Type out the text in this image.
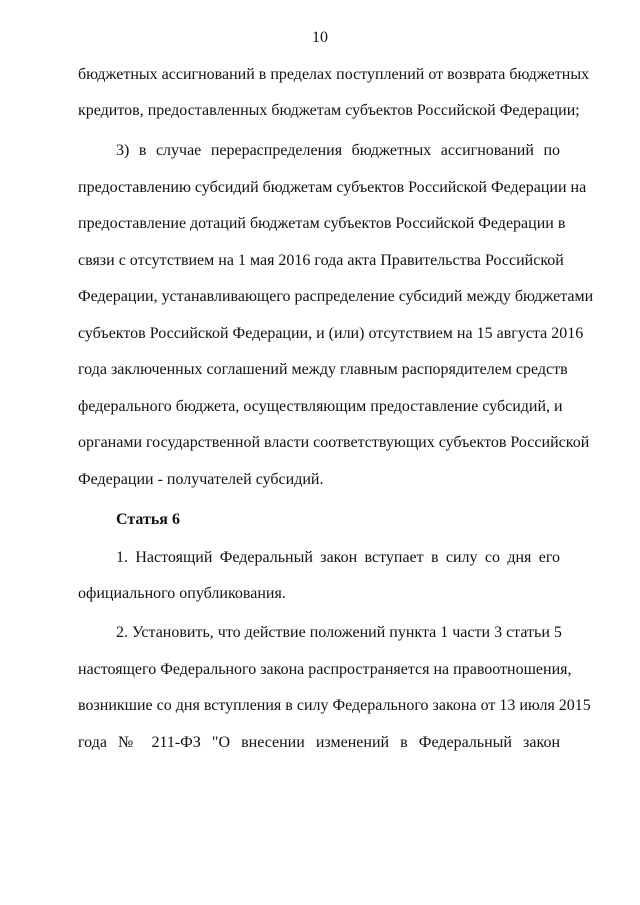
10
бюджетных ассигнований в пределах поступлений от возврата бюджетных
кредитов, предоставленных бюджетам субъектов Российской Федерации;
3) в случае перераспределения бюджетных ассигнований по
предоставлению субсидий бюджетам субъектов Российской Федерации на
предоставление дотаций бюджетам субъектов Российской Федерации в
связи с отсутствием на 1 мая 2016 года акта Правительства Российской
Федерации, устанавливающего распределение субсидий между бюджетами
субъектов Российской Федерации, и (или) отсутствием на 15 августа 2016
года заключенных соглашений между главным распорядителем средств
федерального бюджета, осуществляющим предоставление субсидий, и
органами государственной власти соответствующих субъектов Российской
Федерации - получателей субсидий.
Статья 6
1. Настоящий Федеральный закон вступает в силу со дня его
официального опубликования.
2. Установить, что действие положений пункта 1 части 3 статьи 5
настоящего Федерального закона распространяется на правоотношения,
возникшие со дня вступления в силу Федерального закона от 13 июля 2015
года № 211-ФЗ "О внесении изменений в Федеральный закон
